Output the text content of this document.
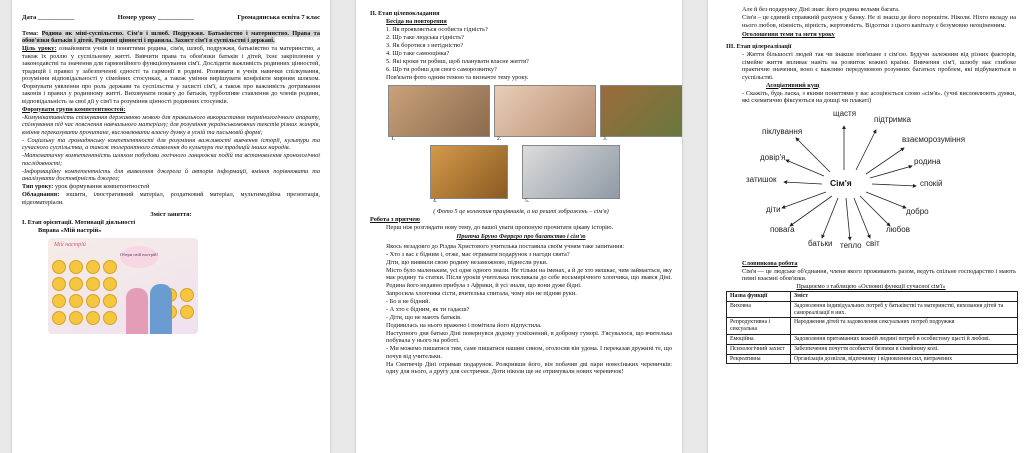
Дата ___________	Номер уроку ___________	Громадянська освіта 7 клас

Тема: Родина як міні-суспільство. Сім'я і шлюб. Подружжя. Батьківство і материнство. Права та обов'язки батьків і дітей. Родинні цінності і правила. Захист сім'ї в суспільстві і державі.

Ціль уроку: ознайомити учнів із поняттями родина, сім'я, шлюб, подружжя, батьківство та материнство, а також їх роллю у суспільному житті. Вивчити права та обов'язки батьків і дітей, їхнє закріплення у законодавстві та значення для гармонійного функціонування сім'ї. Дослідити важливість родинних цінностей, традицій і правил у забезпеченні єдності та гармонії в родині. Розвивати в учнів навички спілкування, розуміння відповідальності у сімейних стосунках, а також уміння вирішувати конфлікти мирним шляхом. Формувати уявлення про роль держави та суспільства у захисті сім'ї, а також про важливість дотримання законів і правил у родинному житті. Виховувати повагу до батьків, турботливе ставлення до членів родини, відповідальність за свої дії у сім'ї та розуміння цінності родинних стосунків.

Формувати групи компетентностей:

-Комунікативність спілкування державною мовою для правильного використання термінологічного апарату, спілкування під час пояснення навчального матеріалу; для розуміння українськомовних текстів різних жанрів, вміння переказувати прочитане, висловлювати власну думку в усній та письмовій формі;

- Соціальну та громадянську компетентності для розуміння важливості вивчення історії, культури та сучасного суспільства, а також толерантного ставлення до культури та традицій інших народів.

-Математичну компетентність шляхом побудови логічного ланцюжка подій та встановлення хронологічної послідовності;

-Інформаційну компетентність для виявлення джерела й авторів інформації, вміння порівнювати та аналізувати достовірність джерел;

Тип уроку: урок формування компетентностей

Обладнання: зошити, ілюстративний матеріал, роздатковий матеріал, мультимедійна презентація, відеоматеріали.

Зміст заняття:

І. Етап орієнтації. Мотивації діяльності

Вправа «Мій настрій»

Мій настрій
Обери свій настрій!

ІІ. Етап цілепокладання

Бесіда на повторення

1. Як проявляється особиста гідність?

2. Що таке людська гідність?

3. Як боротися з нетідністю?

4. Що таке самооцінка?

5. Які кроки ти робиш, щоб планувати власне життя?

6. Що ти робиш для свого саморозвитку?

Пов'язати фото одним темою та визначте тему уроку.

1.	2.	3.
4.	5.

( Фото 5 це колектив працівників, а на решті зображень – сім'я)

Робота з притчею

Перш ніж розглядати нову тему, до вашої уваги пропоную прочитати цікаву історію.

Притча Бруно Феррєро про багатство і сім'ю

Якось незадовго до Різдва Христового учителька поставила своїм учням таке запитання:

- Хто з вас є бідним і, отже, має отримати подарунок з нагоди свята?

Діти, що виявили свою родину незаможною, піднесли руки.

Місто було маленьким, усі одне одного знали. Не тільки на іменах, а й де хто мешкає, чим займається, яку має родину та статки. Після уроків учителька покликала до себе восьмирічного хлопчика, що звався Діні. Родина його недавно прибула з Африки, й усі знали, що вони дуже бідні.

Запросила хлопчика сісти, вчителька спитала, чому він не підняв руки.

- Бо я не бідний.

- А хто є бідним, як ти гадаєш?

- Діти, що не мають батьків.

Подивилась на нього вражено і помітила його відпустила.

Наступного дня батько Діні повернувся додому усміхнений, в доброму гуморі. З'ясувалося, що вчителька побувала у нього на роботі.

- Ми можемо пишатися тим, саме пишатися нашим сином, оголосив він удома. І переказав дружині те, що почув від учительки.

На Святвечір Діні отримав подарунок. Розкривши його, він побачив дві пари новесіньких черевичків: одну для нього, а другу для сестрички. Доти ніколи ще не отримували нових черевичок!

Але й без подарунку Діні знав: його родина вельми багата.

Сім'я – це єдиний справжній рахунок у банку. Не зі знаєш де його порошіти. Ніколи. Ніхто вкладу на нього любов, ніжність, вірність, жертовність. Відсотки з цього капіталу є безумовно неоціненним.

Оголошення теми та мети уроку

ІІІ. Етап цілереалізації

- Життя більшості людей так чи інакше пов'язане з сім'єю. Будучи залежним від різних факторів, сімейне життя впливає навіть на розвиток кожної країни. Вивчення сім'ї, шлюбу має глибоке практичне значення, воно є важливо передумовою розумних багатьох проблем, які відбуваються в суспільстві.

Асоціативний кущ

- Скажіть, будь ласка, з якими поняттями у вас асоціюється слово «сім'я». (учні висловлюють думки, які схематично фіксуються на дошці чи плакаті)

Сім'я
щастя
підтримка
піклування
взаєморозуміння
довір'я	родина
затишок	спокій
діти	добро
повага	любов
батьки тепло світ

Словникова робота

Сім'я — це людське об'єднання, члени якого проживають разом, ведуть спільне господарство і мають певні взаємні обов'язки.

Працюємо з таблицею «Основні функції сучасної сім'ї»

Назва функції	Зміст
Виховна	Задоволення індивідуальних потреб у батьківстві та материнстві, виховання дітей та самореалізації в них.
Репродуктивна і сексуальна	Народження дітей та задоволення сексуальних потреб подружжя
Емоційна	Задоволення притаманних кожній людині потреб в особистому щасті й любові.
Психологічний захист	Забезпечення почуття особистої безпеки в сімейному колі.
Рекреативна	Організація дозвілля, відпочинку і відновлення сил, витрачених
